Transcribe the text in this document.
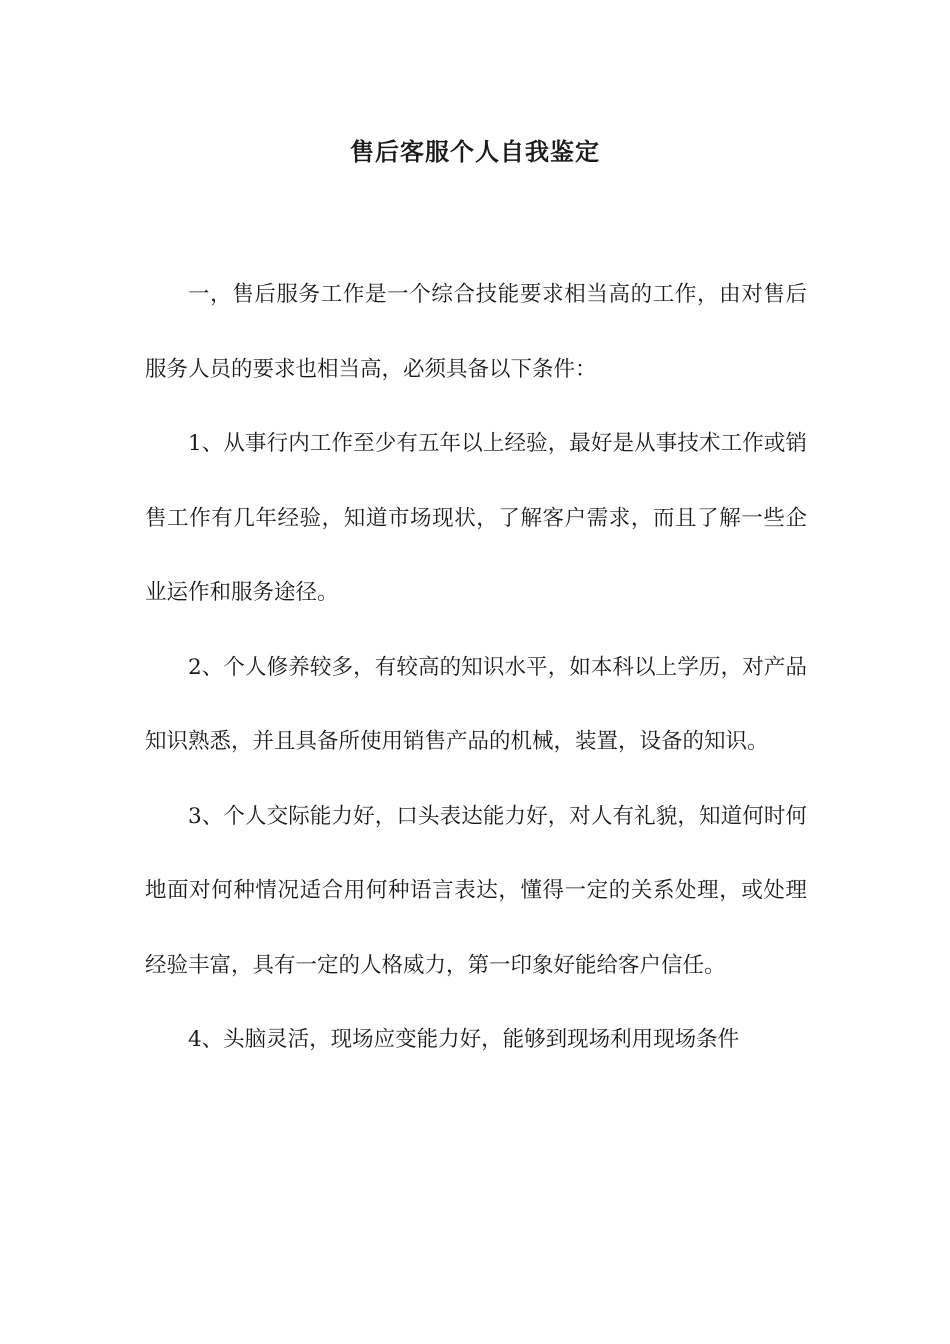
售后客服个人自我鉴定

一，售后服务工作是一个综合技能要求相当高的工作，由对售后服务人员的要求也相当高，必须具备以下条件：

1、从事行内工作至少有五年以上经验，最好是从事技术工作或销售工作有几年经验，知道市场现状，了解客户需求，而且了解一些企业运作和服务途径。

2、个人修养较多，有较高的知识水平，如本科以上学历，对产品知识熟悉，并且具备所使用销售产品的机械，装置，设备的知识。

3、个人交际能力好，口头表达能力好，对人有礼貌，知道何时何地面对何种情况适合用何种语言表达，懂得一定的关系处理，或处理经验丰富，具有一定的人格威力，第一印象好能给客户信任。

4、头脑灵活，现场应变能力好，能够到现场利用现场条件
